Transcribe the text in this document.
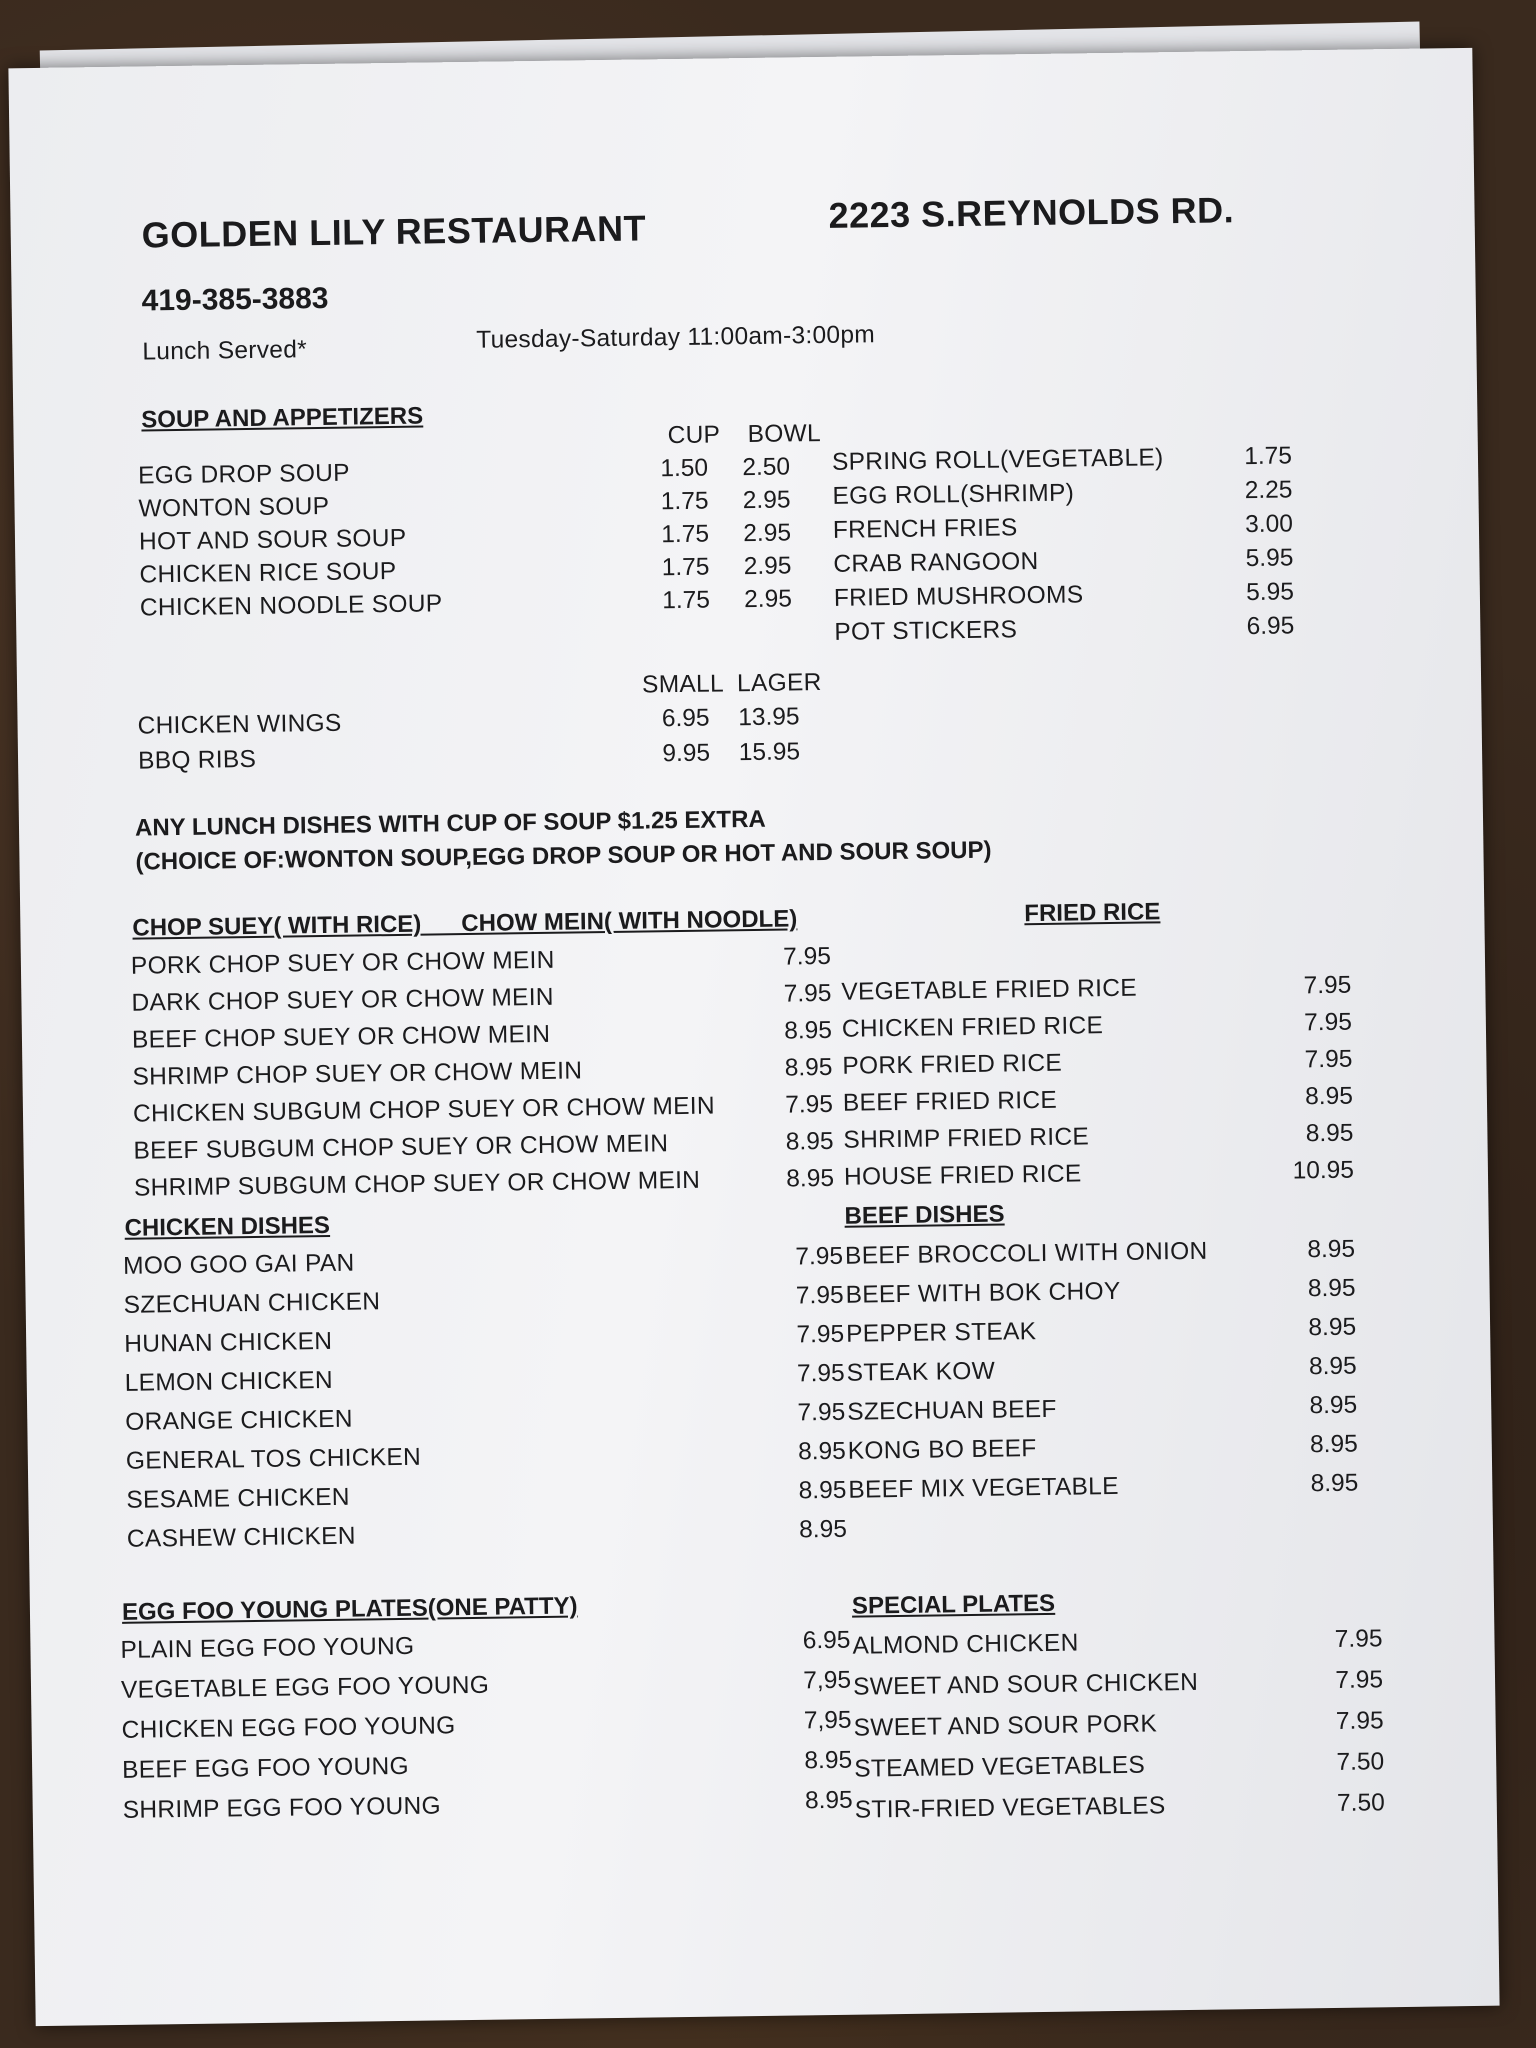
GOLDEN LILY RESTAURANT	2223 S.REYNOLDS RD.
419-385-3883
Lunch Served*	Tuesday-Saturday 11:00am-3:00pm
SOUP AND APPETIZERS
CUP BOWL
EGG DROP SOUP	1.50	2.50
WONTON SOUP	1.75	2.95
HOT AND SOUR SOUP	1.75	2.95
CHICKEN RICE SOUP	1.75	2.95
CHICKEN NOODLE SOUP	1.75	2.95
SPRING ROLL(VEGETABLE)	1.75
EGG ROLL(SHRIMP)	2.25
FRENCH FRIES	3.00
CRAB RANGOON	5.95
FRIED MUSHROOMS	5.95
POT STICKERS	6.95
SMALL LAGER
CHICKEN WINGS	6.95	13.95
BBQ RIBS	9.95	15.95
ANY LUNCH DISHES WITH CUP OF SOUP $1.25 EXTRA
(CHOICE OF:WONTON SOUP,EGG DROP SOUP OR HOT AND SOUR SOUP)
CHOP SUEY( WITH RICE)      CHOW MEIN( WITH NOODLE)
PORK CHOP SUEY OR CHOW MEIN	7.95
DARK CHOP SUEY OR CHOW MEIN	7.95
BEEF CHOP SUEY OR CHOW MEIN	8.95
SHRIMP CHOP SUEY OR CHOW MEIN	8.95
CHICKEN SUBGUM CHOP SUEY OR CHOW MEIN	7.95
BEEF SUBGUM CHOP SUEY OR CHOW MEIN	8.95
SHRIMP SUBGUM CHOP SUEY OR CHOW MEIN	8.95
FRIED RICE
VEGETABLE FRIED RICE	7.95
CHICKEN FRIED RICE	7.95
PORK FRIED RICE	7.95
BEEF FRIED RICE	8.95
SHRIMP FRIED RICE	8.95
HOUSE FRIED RICE	10.95
CHICKEN DISHES
MOO GOO GAI PAN	7.95
SZECHUAN CHICKEN	7.95
HUNAN CHICKEN	7.95
LEMON CHICKEN	7.95
ORANGE CHICKEN	7.95
GENERAL TOS CHICKEN	8.95
SESAME CHICKEN	8.95
CASHEW CHICKEN	8.95
BEEF DISHES
BEEF BROCCOLI WITH ONION	8.95
BEEF WITH BOK CHOY	8.95
PEPPER STEAK	8.95
STEAK KOW	8.95
SZECHUAN BEEF	8.95
KONG BO BEEF	8.95
BEEF MIX VEGETABLE	8.95
EGG FOO YOUNG PLATES(ONE PATTY)
PLAIN EGG FOO YOUNG	6.95
VEGETABLE EGG FOO YOUNG	7,95
CHICKEN EGG FOO YOUNG	7,95
BEEF EGG FOO YOUNG	8.95
SHRIMP EGG FOO YOUNG	8.95
SPECIAL PLATES
ALMOND CHICKEN	7.95
SWEET AND SOUR CHICKEN	7.95
SWEET AND SOUR PORK	7.95
STEAMED VEGETABLES	7.50
STIR-FRIED VEGETABLES	7.50
